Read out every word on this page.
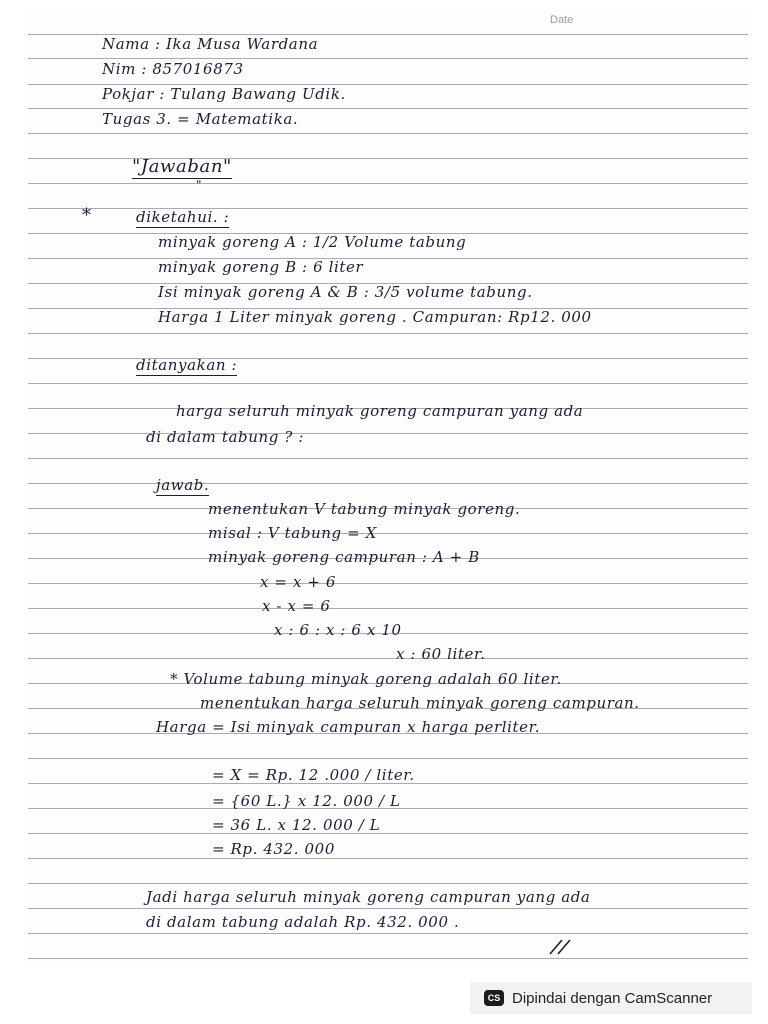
Date
Nama : Ika Musa Wardana
Nim : 857016873
Pokjar : Tulang Bawang Udik.
Tugas 3. = Matematika.
"Jawaban"
"
*	diketahui. :
minyak goreng A : 1/2 Volume tabung
minyak goreng B : 6 liter
Isi minyak goreng A & B : 3/5 volume tabung.
Harga 1 Liter minyak goreng . Campuran: Rp12. 000
ditanyakan :
harga seluruh minyak goreng campuran yang ada
di dalam tabung ? :
jawab.
menentukan V tabung minyak goreng.
misal : V tabung = X
minyak goreng campuran : A + B
x = x + 6
x - x = 6
x : 6 : x : 6 x 10
x : 60 liter.
* Volume tabung minyak goreng adalah 60 liter.
menentukan harga seluruh minyak goreng campuran.
Harga = Isi minyak campuran x harga perliter.
= X = Rp. 12 .000 / liter.
= {60 L.} x 12. 000 / L
= 36 L. x 12. 000 / L
= Rp. 432. 000
Jadi harga seluruh minyak goreng campuran yang ada
di dalam tabung adalah Rp. 432. 000 .
CS Dipindai dengan CamScanner
